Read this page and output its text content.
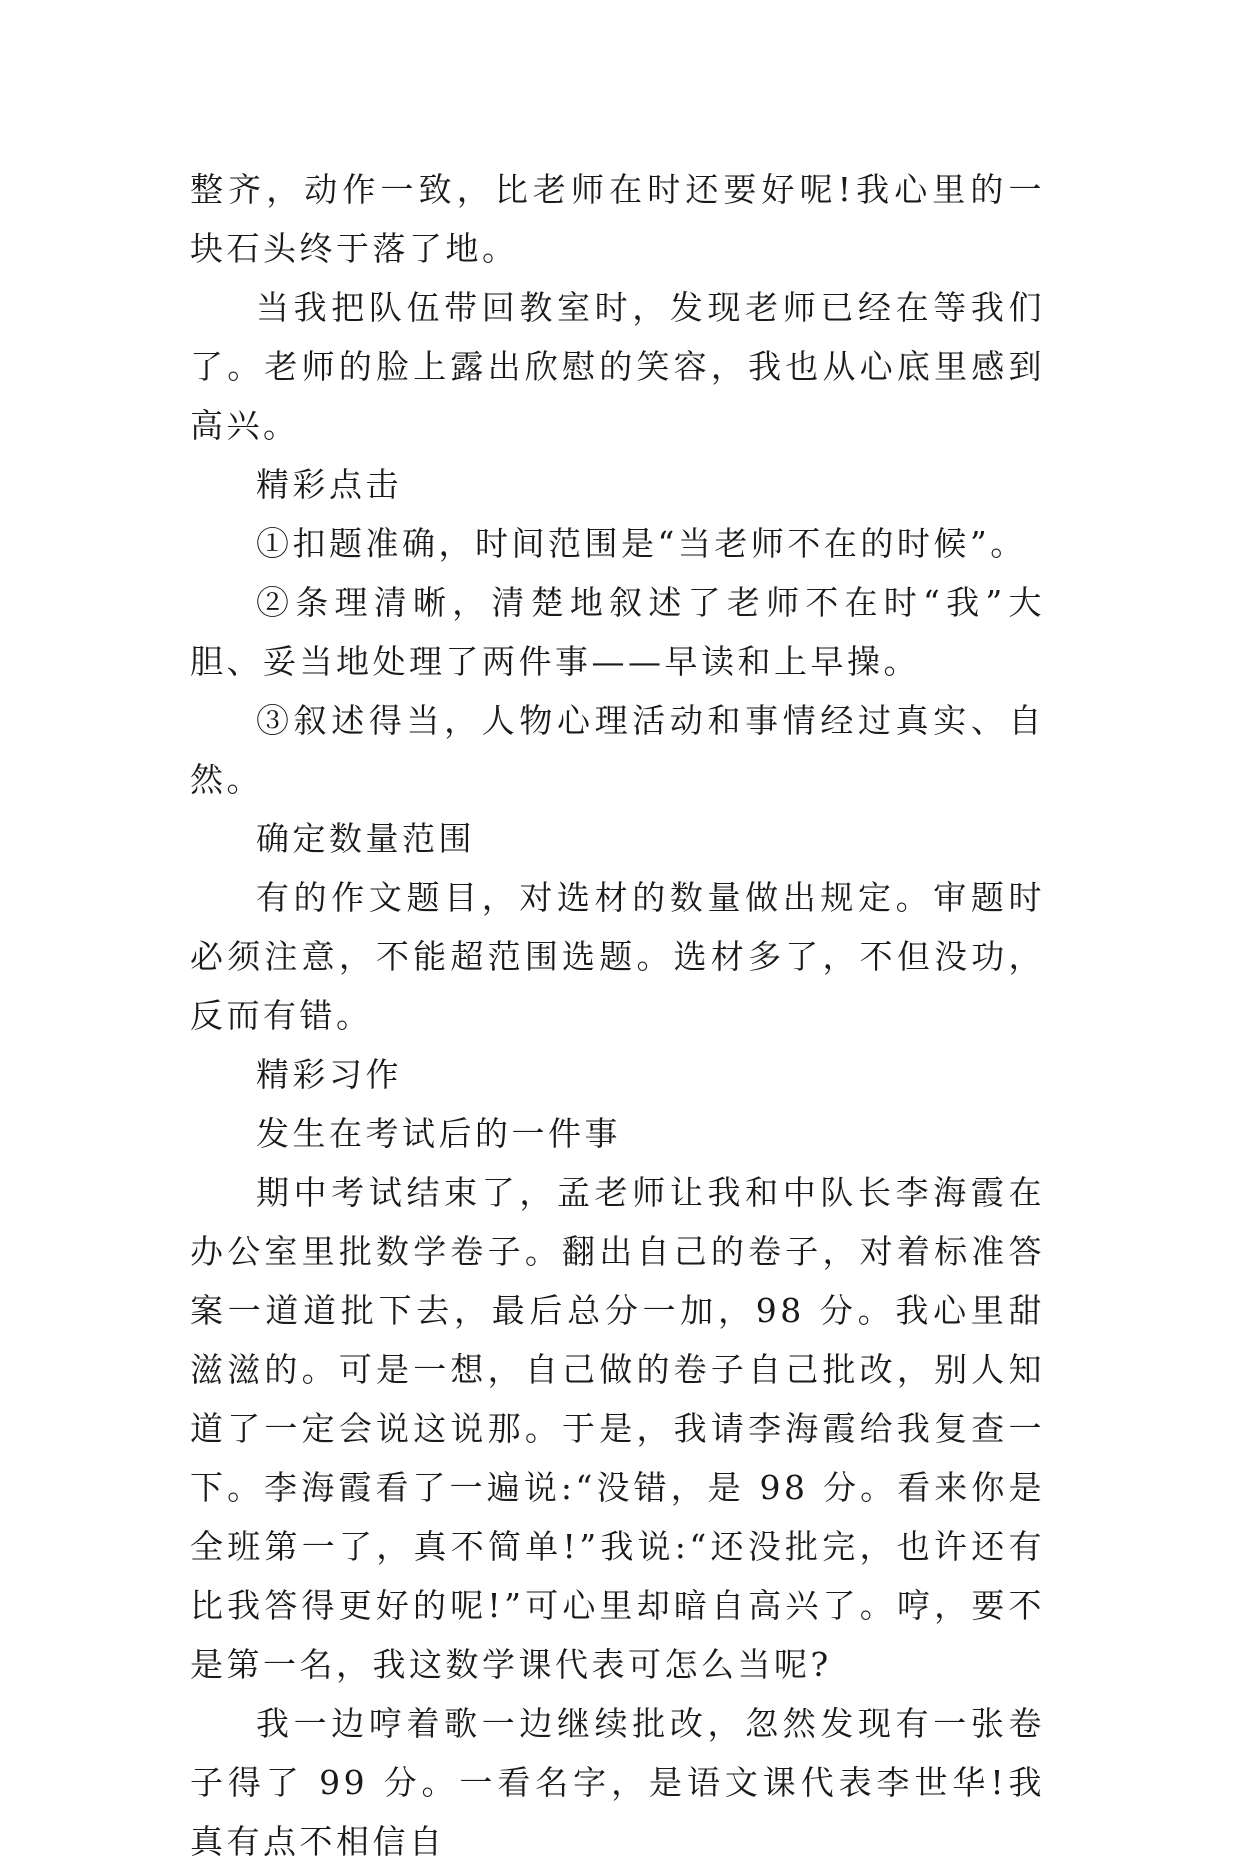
整齐，动作一致，比老师在时还要好呢!我心里的一块石头终于落了地。

当我把队伍带回教室时，发现老师已经在等我们了。老师的脸上露出欣慰的笑容，我也从心底里感到高兴。

精彩点击

①扣题准确，时间范围是“当老师不在的时候”。

②条理清晰，清楚地叙述了老师不在时“我”大胆、妥当地处理了两件事——早读和上早操。

③叙述得当，人物心理活动和事情经过真实、自然。

确定数量范围

有的作文题目，对选材的数量做出规定。审题时必须注意，不能超范围选题。选材多了，不但没功，反而有错。

精彩习作

发生在考试后的一件事

期中考试结束了，孟老师让我和中队长李海霞在办公室里批数学卷子。翻出自己的卷子，对着标准答案一道道批下去，最后总分一加，98 分。我心里甜滋滋的。可是一想，自己做的卷子自己批改，别人知道了一定会说这说那。于是，我请李海霞给我复查一下。李海霞看了一遍说:“没错，是 98 分。看来你是全班第一了，真不简单!”我说:“还没批完，也许还有比我答得更好的呢!”可心里却暗自高兴了。哼，要不是第一名，我这数学课代表可怎么当呢?

我一边哼着歌一边继续批改，忽然发现有一张卷子得了 99 分。一看名字，是语文课代表李世华!我真有点不相信自
